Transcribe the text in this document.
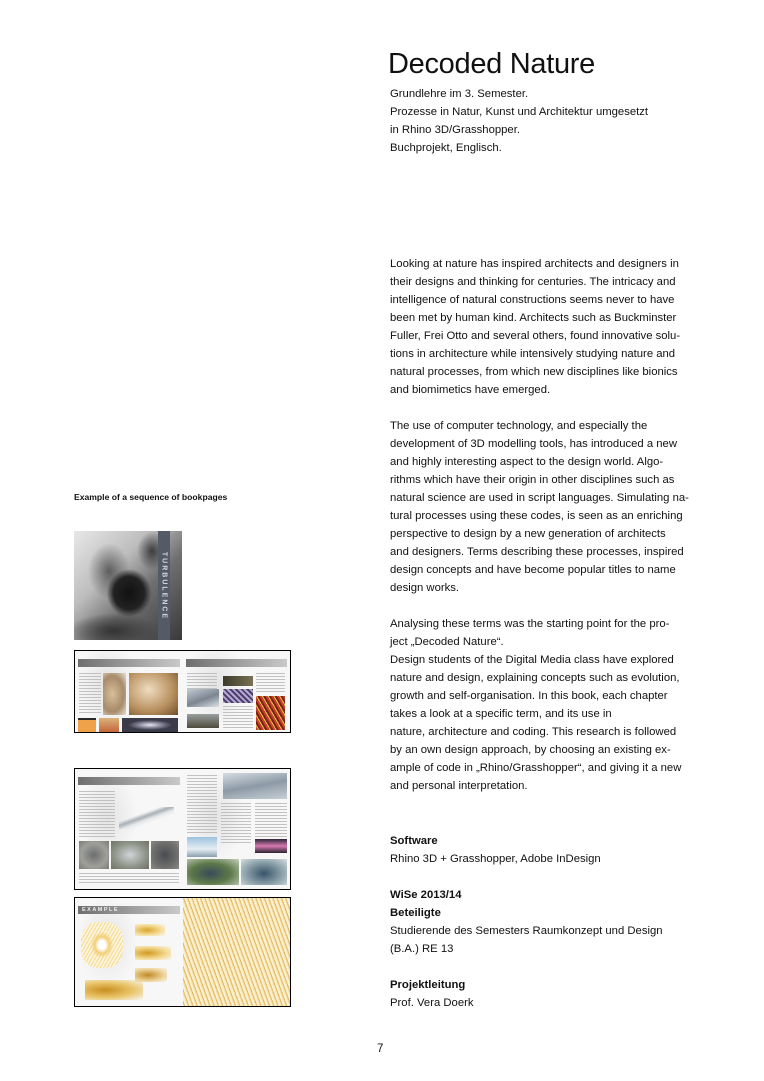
Decoded Nature
Grundlehre im 3. Semester.
Prozesse in Natur, Kunst und Architektur umgesetzt
in Rhino 3D/Grasshopper.
Buchprojekt, Englisch.
Looking at nature has inspired architects and designers in
their designs and thinking for centuries. The intricacy and
intelligence of natural constructions seems never to have
been met by human kind. Architects such as Buckminster
Fuller, Frei Otto and several others, found innovative solu-
tions in architecture while intensively studying nature and
natural processes, from which new disciplines like bionics
and biomimetics have emerged.
The use of computer technology, and especially the
development of 3D modelling tools, has introduced a new
and highly interesting aspect to the design world. Algo-
rithms which have their origin in other disciplines such as
natural science are used in script languages. Simulating na-
tural processes using these codes, is seen as an enriching
perspective to design by a new generation of architects
and designers. Terms describing these processes, inspired
design concepts and have become popular titles to name
design works.
Analysing these terms was the starting point for the pro-
ject „Decoded Nature“.
Design students of the Digital Media class have explored
nature and design, explaining concepts such as evolution,
growth and self-organisation. In this book, each chapter
takes a look at a specific term, and its use in
nature, architecture and coding. This research is followed
by an own design approach, by choosing an existing ex-
ample of code in „Rhino/Grasshopper“, and giving it a new
and personal interpretation.
Software
Rhino 3D + Grasshopper, Adobe InDesign
WiSe 2013/14
Beteiligte
Studierende des Semesters Raumkonzept und Design
(B.A.) RE 13
Projektleitung
Prof. Vera Doerk
Example of a sequence of bookpages
TURBULENCE
EXAMPLE
7
